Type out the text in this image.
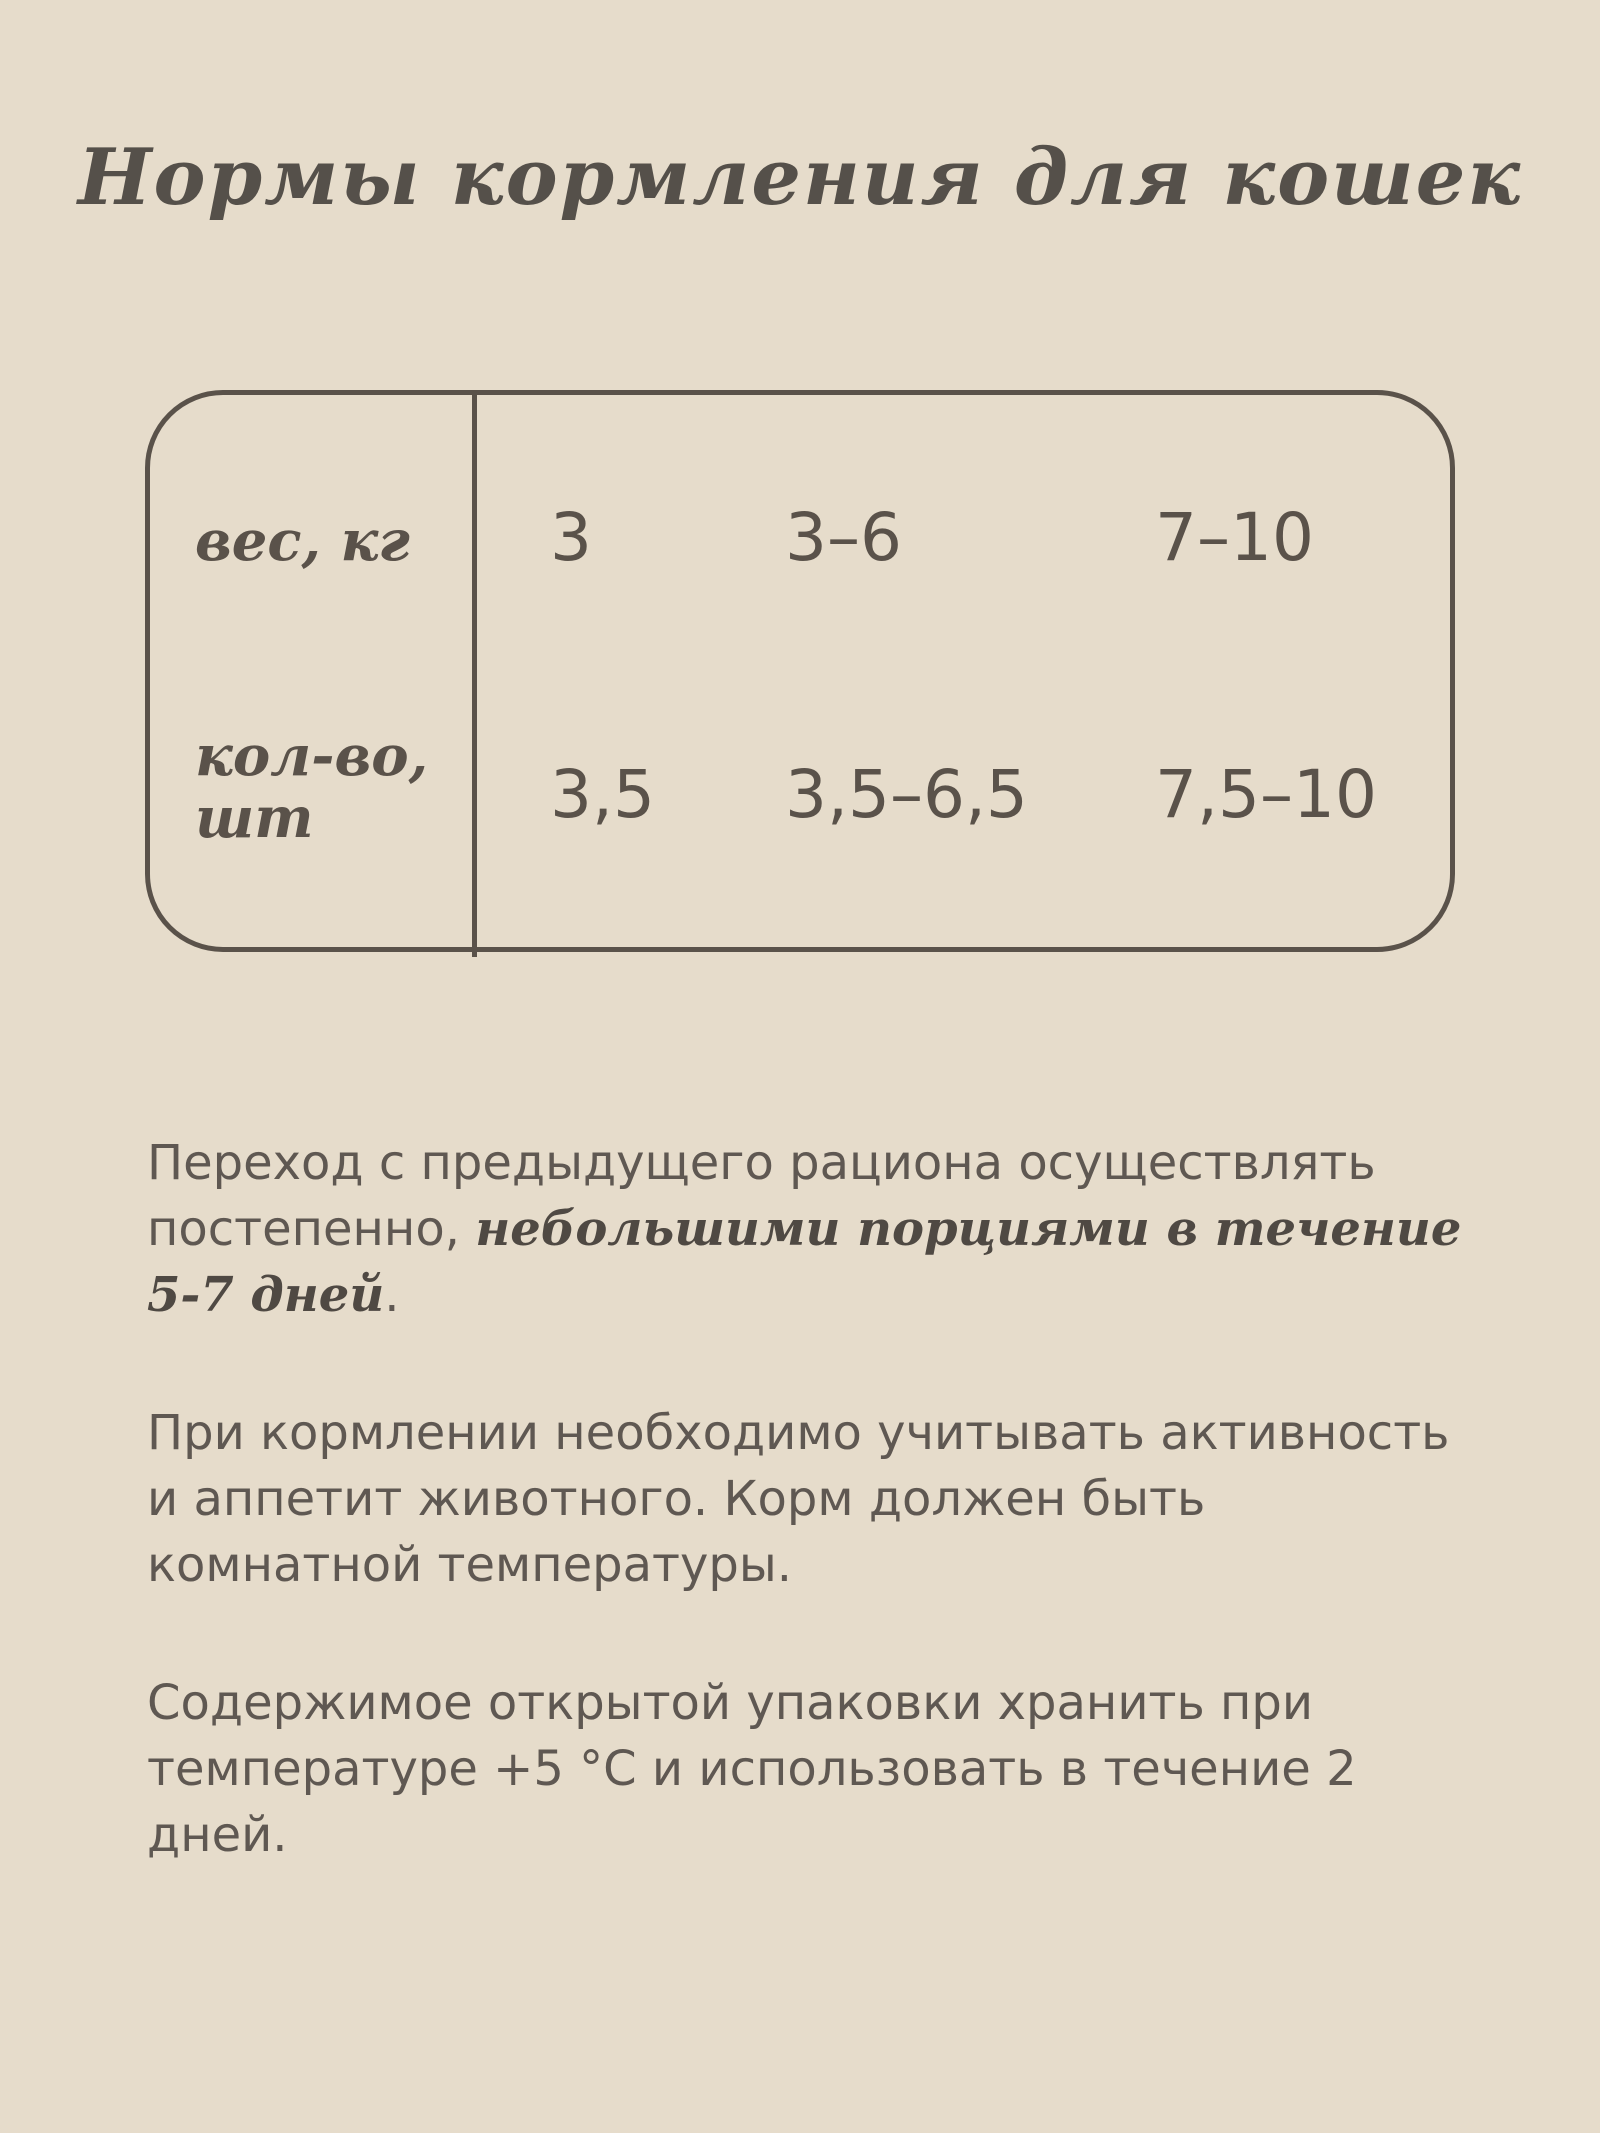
Нормы кормления для кошек
вес, кг
кол-во,
шт
3	3–6	7–10
3,5 3,5–6,5 7,5–10
Переход с предыдущего рациона осуществлять постепенно, небольшими порциями в течение 5-7 дней.
При кормлении необходимо учитывать активность и аппетит животного. Корм должен быть комнатной температуры.
Содержимое открытой упаковки хранить при температуре +5 °С и использовать в течение 2 дней.
